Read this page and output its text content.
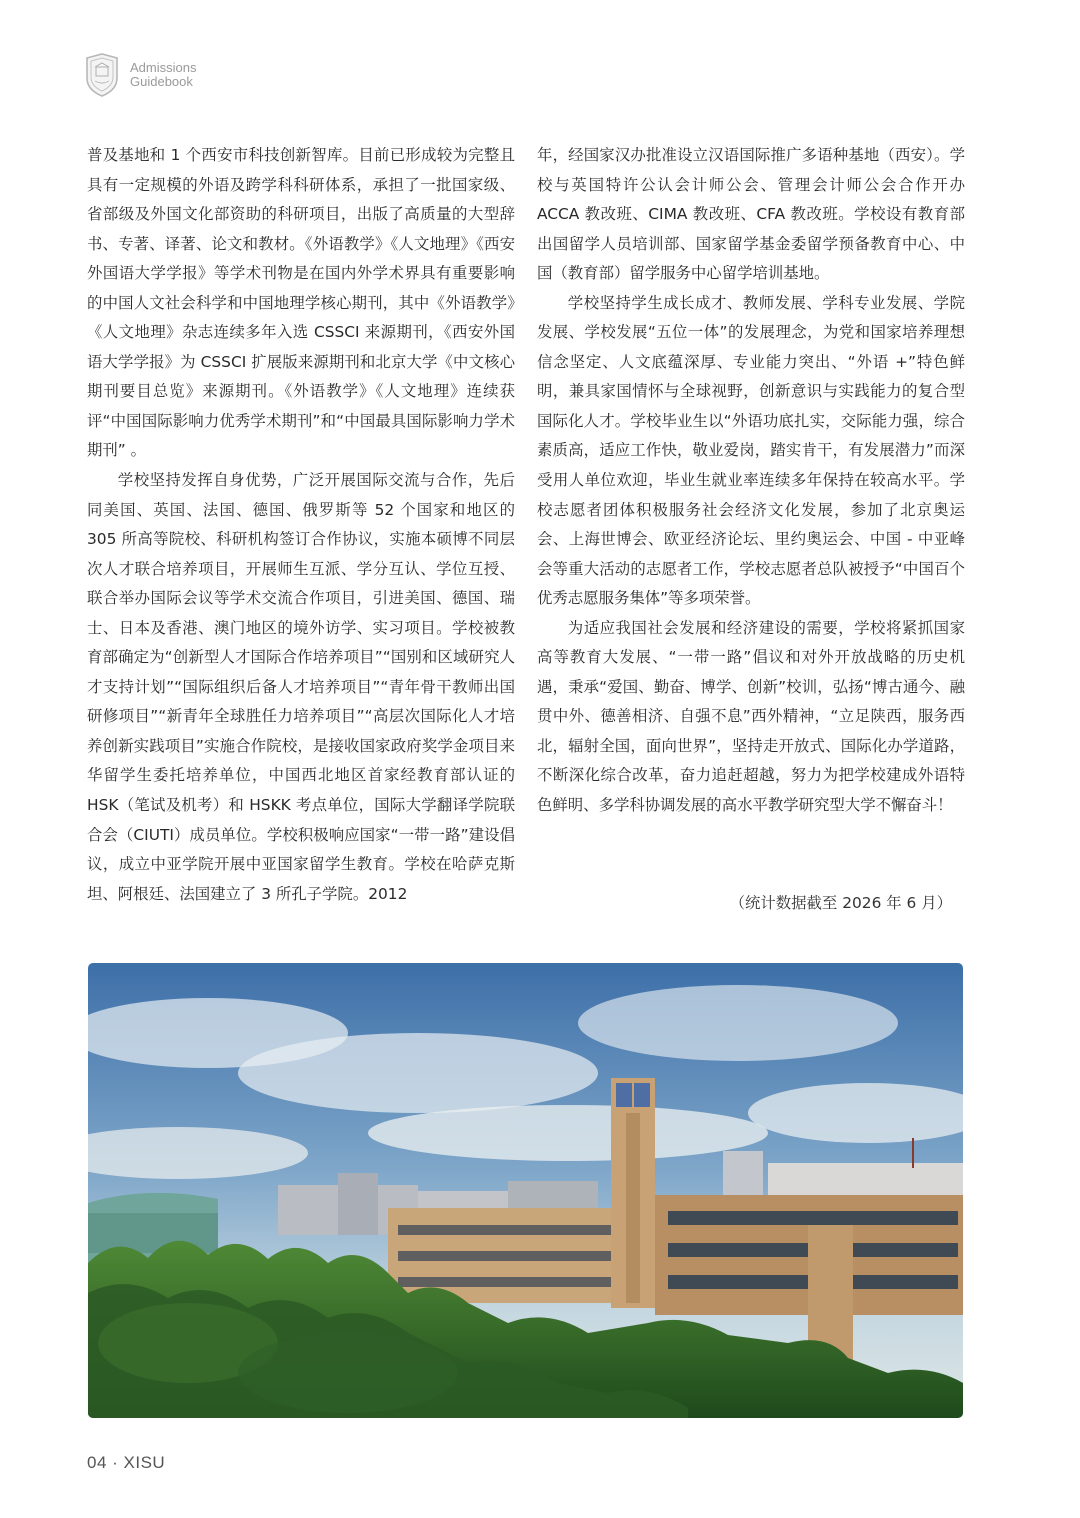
Admissions
Guidebook

普及基地和 1 个西安市科技创新智库。目前已形成较为完整且具有一定规模的外语及跨学科科研体系，承担了一批国家级、省部级及外国文化部资助的科研项目，出版了高质量的大型辞书、专著、译著、论文和教材。《外语教学》《人文地理》《西安外国语大学学报》等学术刊物是在国内外学术界具有重要影响的中国人文社会科学和中国地理学核心期刊，其中《外语教学》《人文地理》杂志连续多年入选 CSSCI 来源期刊，《西安外国语大学学报》为 CSSCI 扩展版来源期刊和北京大学《中文核心期刊要目总览》来源期刊。《外语教学》《人文地理》连续获评“中国国际影响力优秀学术期刊”和“中国最具国际影响力学术期刊” 。

学校坚持发挥自身优势，广泛开展国际交流与合作，先后同美国、英国、法国、德国、俄罗斯等 52 个国家和地区的 305 所高等院校、科研机构签订合作协议，实施本硕博不同层次人才联合培养项目，开展师生互派、学分互认、学位互授、联合举办国际会议等学术交流合作项目，引进美国、德国、瑞士、日本及香港、澳门地区的境外访学、实习项目。学校被教育部确定为“创新型人才国际合作培养项目”“国别和区域研究人才支持计划”“国际组织后备人才培养项目”“青年骨干教师出国研修项目”“新青年全球胜任力培养项目”“高层次国际化人才培养创新实践项目”实施合作院校，是接收国家政府奖学金项目来华留学生委托培养单位，中国西北地区首家经教育部认证的 HSK（笔试及机考）和 HSKK 考点单位，国际大学翻译学院联合会（CIUTI）成员单位。学校积极响应国家“一带一路”建设倡议，成立中亚学院开展中亚国家留学生教育。学校在哈萨克斯坦、阿根廷、法国建立了 3 所孔子学院。2012

年，经国家汉办批准设立汉语国际推广多语种基地（西安）。学校与英国特许公认会计师公会、管理会计师公会合作开办 ACCA 教改班、CIMA 教改班、CFA 教改班。学校设有教育部出国留学人员培训部、国家留学基金委留学预备教育中心、中国（教育部）留学服务中心留学培训基地。

学校坚持学生成长成才、教师发展、学科专业发展、学院发展、学校发展“五位一体”的发展理念，为党和国家培养理想信念坚定、人文底蕴深厚、专业能力突出、“外语 +”特色鲜明，兼具家国情怀与全球视野，创新意识与实践能力的复合型国际化人才。学校毕业生以“外语功底扎实，交际能力强，综合素质高，适应工作快，敬业爱岗，踏实肯干，有发展潜力”而深受用人单位欢迎，毕业生就业率连续多年保持在较高水平。学校志愿者团体积极服务社会经济文化发展，参加了北京奥运会、上海世博会、欧亚经济论坛、里约奥运会、中国 - 中亚峰会等重大活动的志愿者工作，学校志愿者总队被授予“中国百个优秀志愿服务集体”等多项荣誉。

为适应我国社会发展和经济建设的需要，学校将紧抓国家高等教育大发展、“一带一路”倡议和对外开放战略的历史机遇，秉承“爱国、勤奋、博学、创新”校训，弘扬“博古通今、融贯中外、德善相济、自强不息”西外精神，“立足陕西，服务西北，辐射全国，面向世界”，坚持走开放式、国际化办学道路，不断深化综合改革，奋力追赶超越，努力为把学校建成外语特色鲜明、多学科协调发展的高水平教学研究型大学不懈奋斗！

（统计数据截至 2026 年 6 月）
04 · XISU
